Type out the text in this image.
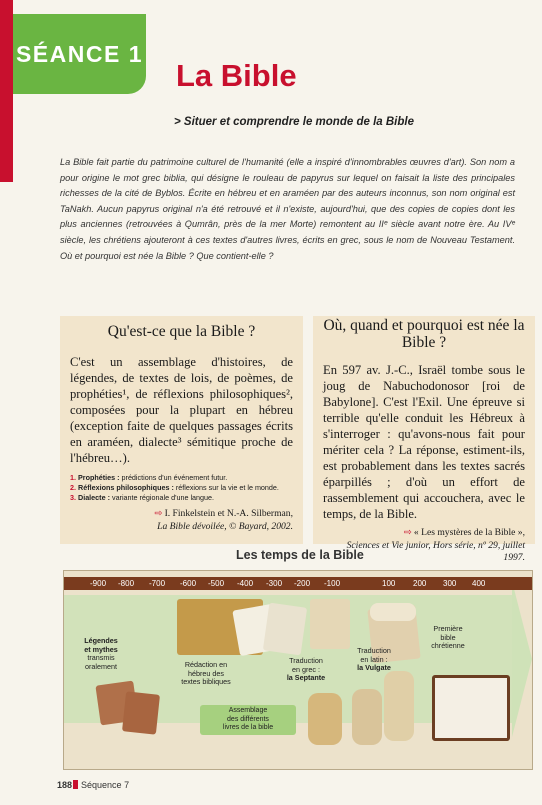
SÉANCE 1
La Bible

> Situer et comprendre le monde de la Bible

La Bible fait partie du patrimoine culturel de l'humanité (elle a inspiré d'innombrables œuvres d'art). Son nom a pour origine le mot grec biblia, qui désigne le rouleau de papyrus sur lequel on faisait la liste des principales richesses de la cité de Byblos. Écrite en hébreu et en araméen par des auteurs inconnus, son nom original est TaNakh. Aucun papyrus original n'a été retrouvé et il n'existe, aujourd'hui, que des copies de copies dont les plus anciennes (retrouvées à Qumrân, près de la mer Morte) remontent au IIᵉ siècle avant notre ère. Au IVᵉ siècle, les chrétiens ajouteront à ces textes d'autres livres, écrits en grec, sous le nom de Nouveau Testament. Où et pourquoi est née la Bible ? Que contient-elle ?

Qu'est-ce que la Bible ?

C'est un assemblage d'histoires, de légendes, de textes de lois, de poèmes, de prophéties¹, de réflexions philosophiques², composées pour la plupart en hébreu (exception faite de quelques passages écrits en araméen, dialecte³ sémitique proche de l'hébreu…).

1. Prophéties : prédictions d'un événement futur.
2. Réflexions philosophiques : réflexions sur la vie et le monde.
3. Dialecte : variante régionale d'une langue.

⇨ I. Finkelstein et N.-A. Silberman,
La Bible dévoilée, © Bayard, 2002.

Où, quand et pourquoi est née la Bible ?

En 597 av. J.-C., Israël tombe sous le joug de Nabuchodonosor [roi de Babylone]. C'est l'Exil. Une épreuve si terrible qu'elle conduit les Hébreux à s'interroger : qu'avons-nous fait pour mériter cela ? La réponse, estiment-ils, est probablement dans les textes sacrés éparpillés ; d'où un effort de rassemblement qui accouchera, avec le temps, de la Bible.

⇨ « Les mystères de la Bible »,
Sciences et Vie junior, Hors série, nº 29, juillet 1997.

Les temps de la Bible
-900 -800 -700 -600 -500 -400 -300 -200 -100	100 200 300 400
Légendes
et mythes
transmis
oralement	Rédaction en
hébreu des
textes bibliques
Traduction
en grec :
la Septante
Traduction
en latin :
la Vulgate
Première
bible
chrétienne
Assemblage
des différents
livres de la bible

188 Séquence 7
